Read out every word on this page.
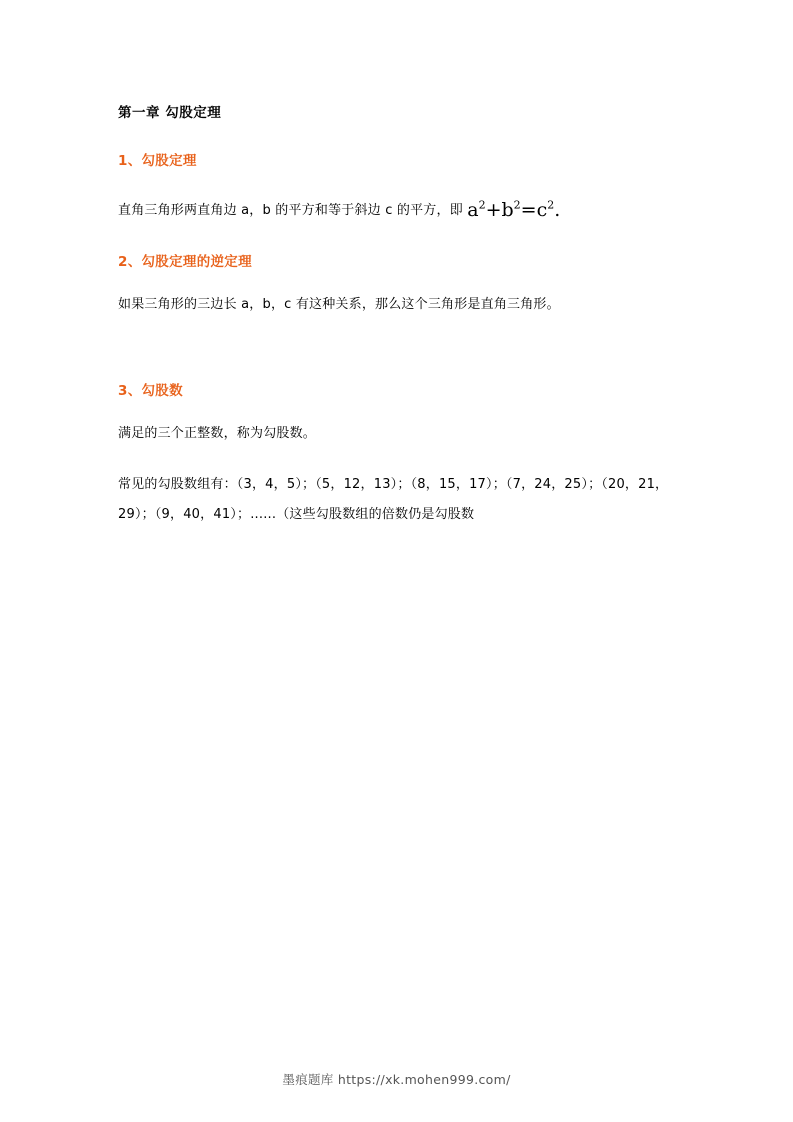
第一章 勾股定理
1、勾股定理
直角三角形两直角边 a，b 的平方和等于斜边 c 的平方，即 $a^2+b^2=c^2$.
2、勾股定理的逆定理
如果三角形的三边长 a，b，c 有这种关系，那么这个三角形是直角三角形。
3、勾股数
满足的三个正整数，称为勾股数。
常见的勾股数组有：（3，4，5）；（5，12，13）；（8，15，17）；（7，24，25）；（20，21，29）；（9，40，41）；......（这些勾股数组的倍数仍是勾股数
墨痕题库 https://xk.mohen999.com/
